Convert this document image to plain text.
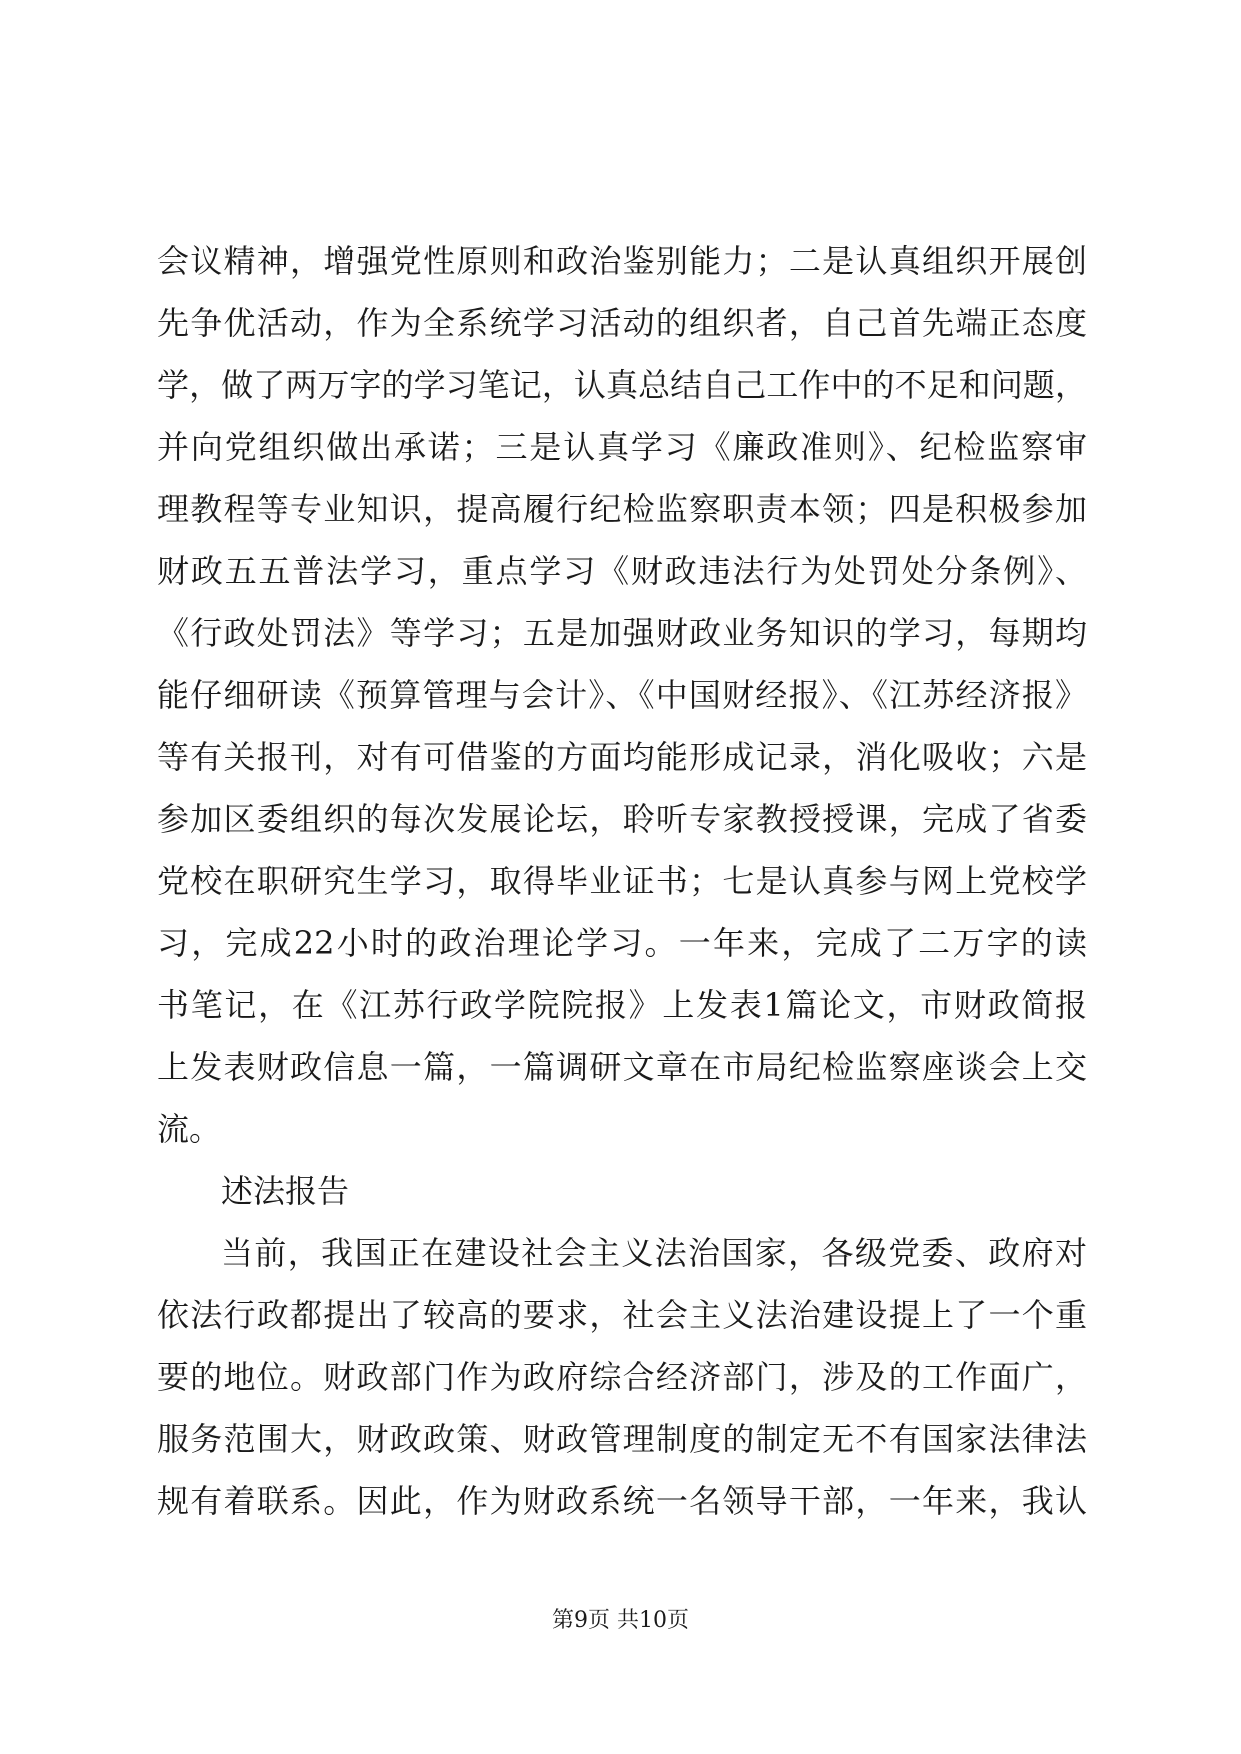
会议精神，增强党性原则和政治鉴别能力；二是认真组织开展创
先争优活动，作为全系统学习活动的组织者，自己首先端正态度
学，做了两万字的学习笔记，认真总结自己工作中的不足和问题，
并向党组织做出承诺；三是认真学习《廉政准则》、纪检监察审
理教程等专业知识，提高履行纪检监察职责本领；四是积极参加
财政五五普法学习，重点学习《财政违法行为处罚处分条例》、
《行政处罚法》等学习；五是加强财政业务知识的学习，每期均
能仔细研读《预算管理与会计》、《中国财经报》、《江苏经济报》
等有关报刊，对有可借鉴的方面均能形成记录，消化吸收；六是
参加区委组织的每次发展论坛，聆听专家教授授课，完成了省委
党校在职研究生学习，取得毕业证书；七是认真参与网上党校学
习，完成22小时的政治理论学习。一年来，完成了二万字的读
书笔记，在《江苏行政学院院报》上发表1篇论文，市财政简报
上发表财政信息一篇，一篇调研文章在市局纪检监察座谈会上交
流。
述法报告
当前，我国正在建设社会主义法治国家，各级党委、政府对
依法行政都提出了较高的要求，社会主义法治建设提上了一个重
要的地位。财政部门作为政府综合经济部门，涉及的工作面广，
服务范围大，财政政策、财政管理制度的制定无不有国家法律法
规有着联系。因此，作为财政系统一名领导干部，一年来，我认
第9页 共10页
